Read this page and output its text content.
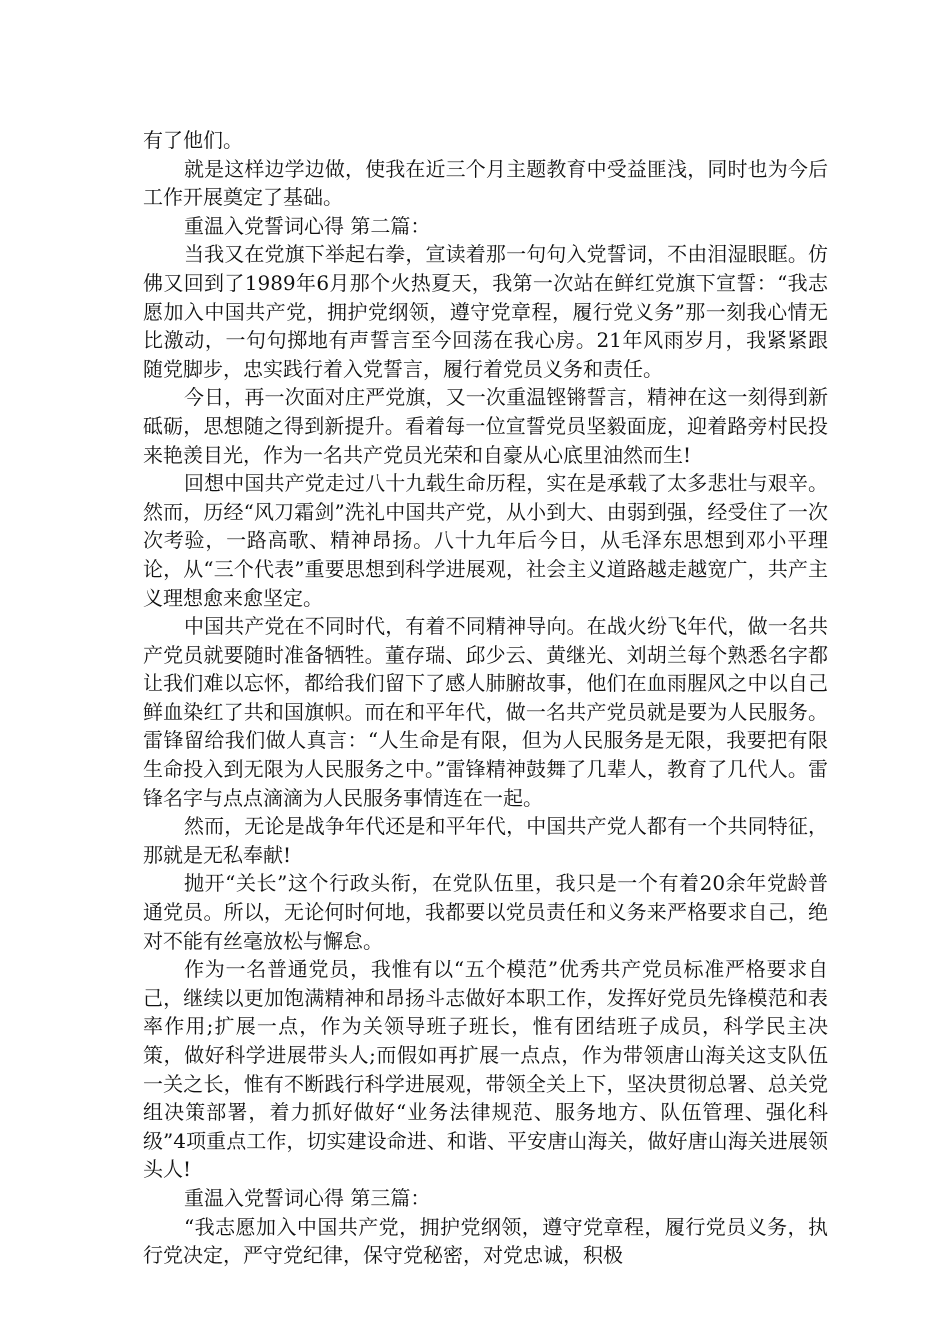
有了他们。

就是这样边学边做，使我在近三个月主题教育中受益匪浅，同时也为今后工作开展奠定了基础。

重温入党誓词心得 第二篇：

当我又在党旗下举起右拳，宣读着那一句句入党誓词，不由泪湿眼眶。仿佛又回到了1989年6月那个火热夏天，我第一次站在鲜红党旗下宣誓：“我志愿加入中国共产党，拥护党纲领，遵守党章程，履行党义务”那一刻我心情无比激动，一句句掷地有声誓言至今回荡在我心房。21年风雨岁月，我紧紧跟随党脚步，忠实践行着入党誓言，履行着党员义务和责任。

今日，再一次面对庄严党旗，又一次重温铿锵誓言，精神在这一刻得到新砥砺，思想随之得到新提升。看着每一位宣誓党员坚毅面庞，迎着路旁村民投来艳羡目光，作为一名共产党员光荣和自豪从心底里油然而生!

回想中国共产党走过八十九载生命历程，实在是承载了太多悲壮与艰辛。然而，历经“风刀霜剑”洗礼中国共产党，从小到大、由弱到强，经受住了一次次考验，一路高歌、精神昂扬。八十九年后今日，从毛泽东思想到邓小平理论，从“三个代表”重要思想到科学进展观，社会主义道路越走越宽广，共产主义理想愈来愈坚定。

中国共产党在不同时代，有着不同精神导向。在战火纷飞年代，做一名共产党员就要随时准备牺牲。董存瑞、邱少云、黄继光、刘胡兰每个熟悉名字都让我们难以忘怀，都给我们留下了感人肺腑故事，他们在血雨腥风之中以自己鲜血染红了共和国旗帜。而在和平年代，做一名共产党员就是要为人民服务。雷锋留给我们做人真言：“人生命是有限，但为人民服务是无限，我要把有限生命投入到无限为人民服务之中。”雷锋精神鼓舞了几辈人，教育了几代人。雷锋名字与点点滴滴为人民服务事情连在一起。

然而，无论是战争年代还是和平年代，中国共产党人都有一个共同特征，那就是无私奉献!

抛开“关长”这个行政头衔，在党队伍里，我只是一个有着20余年党龄普通党员。所以，无论何时何地，我都要以党员责任和义务来严格要求自己，绝对不能有丝毫放松与懈怠。

作为一名普通党员，我惟有以“五个模范”优秀共产党员标准严格要求自己，继续以更加饱满精神和昂扬斗志做好本职工作，发挥好党员先锋模范和表率作用;扩展一点，作为关领导班子班长，惟有团结班子成员，科学民主决策，做好科学进展带头人;而假如再扩展一点点，作为带领唐山海关这支队伍一关之长，惟有不断践行科学进展观，带领全关上下，坚决贯彻总署、总关党组决策部署，着力抓好做好“业务法律规范、服务地方、队伍管理、强化科级”4项重点工作，切实建设命进、和谐、平安唐山海关，做好唐山海关进展领头人!

重温入党誓词心得 第三篇：

“我志愿加入中国共产党，拥护党纲领，遵守党章程，履行党员义务，执行党决定，严守党纪律，保守党秘密，对党忠诚，积极
